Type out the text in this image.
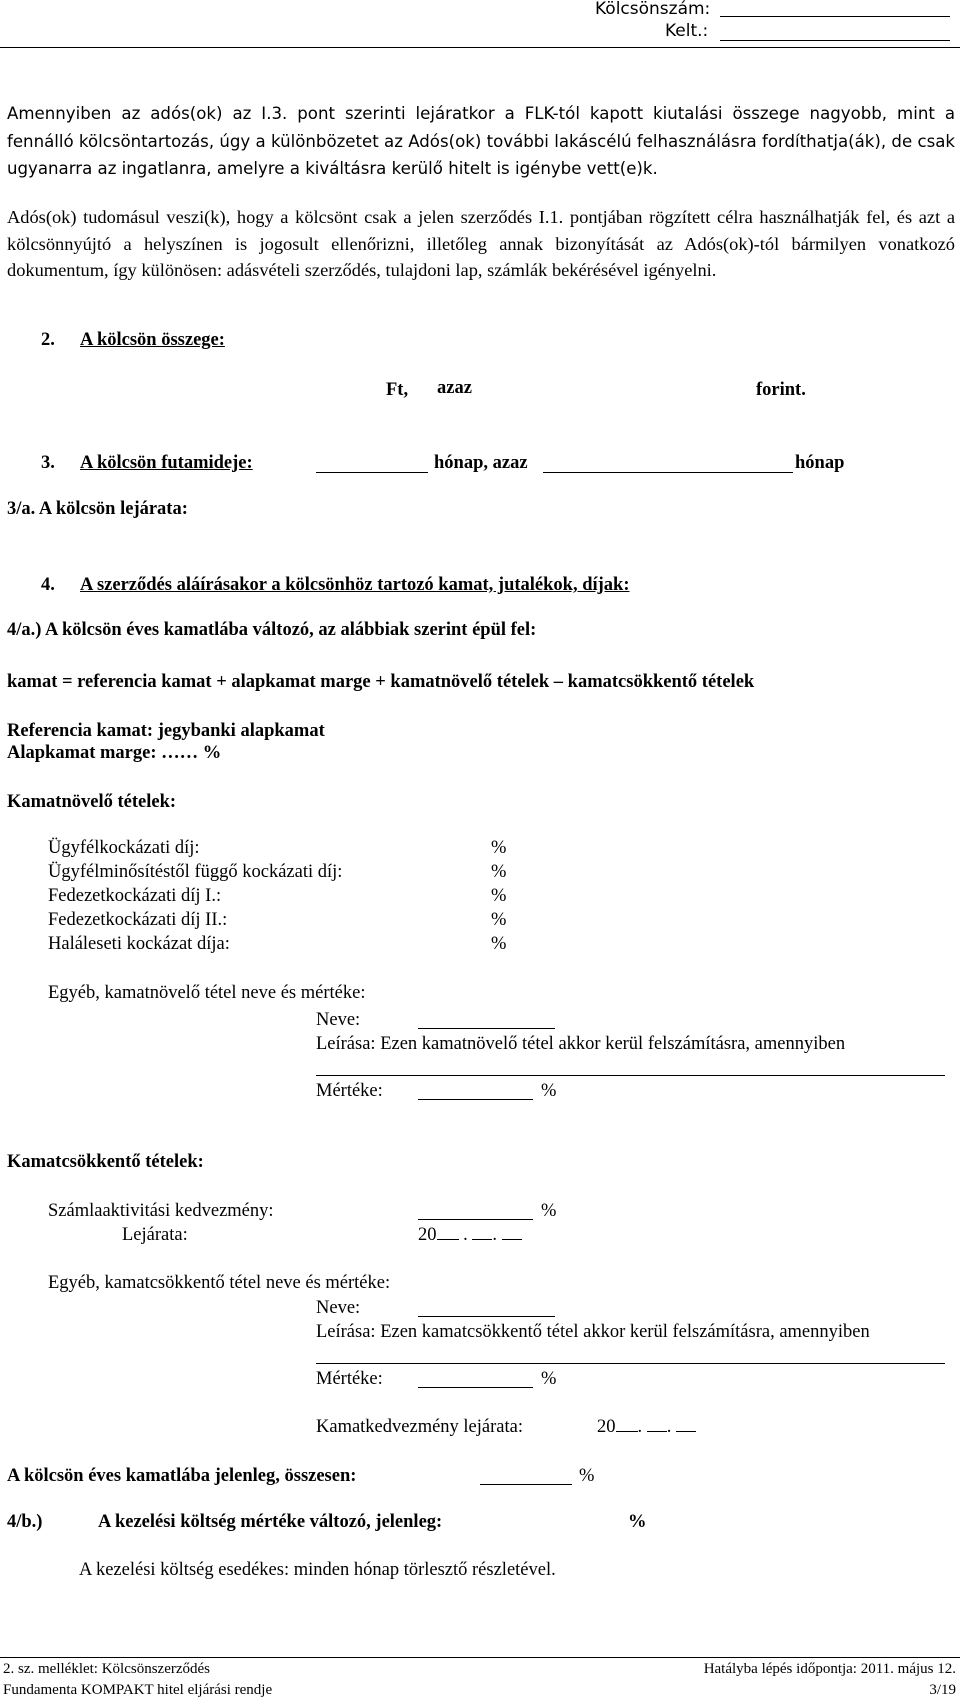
Kölcsönszám:
Kelt.:
Amennyiben az adós(ok) az I.3. pont szerinti lejáratkor a FLK-tól kapott kiutalási összege nagyobb, mint a fennálló kölcsöntartozás, úgy a különbözetet az Adós(ok) további lakáscélú felhasználásra fordíthatja(ák), de csak ugyanarra az ingatlanra, amelyre a kiváltásra kerülő hitelt is igénybe vett(e)k.
Adós(ok) tudomásul veszi(k), hogy a kölcsönt csak a jelen szerződés I.1. pontjában rögzített célra használhatják fel, és azt a kölcsönnyújtó a helyszínen is jogosult ellenőrizni, illetőleg annak bizonyítását az Adós(ok)-tól bármilyen vonatkozó dokumentum, így különösen: adásvételi szerződés, tulajdoni lap, számlák bekérésével igényelni.
2. A kölcsön összege:
Ft, azaz	forint.
3. A kölcsön futamideje:	hónap, azaz	hónap
3/a. A kölcsön lejárata:
4. A szerződés aláírásakor a kölcsönhöz tartozó kamat, jutalékok, díjak:
4/a.) A kölcsön éves kamatlába változó, az alábbiak szerint épül fel:
kamat = referencia kamat + alapkamat marge + kamatnövelő tételek – kamatcsökkentő tételek
Referencia kamat: jegybanki alapkamat
Alapkamat marge: …… %
Kamatnövelő tételek:
Ügyfélkockázati díj:	%
Ügyfélminősítéstől függő kockázati díj:	%
Fedezetkockázati díj I.:	%
Fedezetkockázati díj II.:	%
Haláleseti kockázat díja:	%
Egyéb, kamatnövelő tétel neve és mértéke:
Neve:
Leírása: Ezen kamatnövelő tétel akkor kerül felszámításra, amennyiben
Mértéke:	%
Kamatcsökkentő tételek:
Számlaaktivitási kedvezmény:	%
Lejárata:	20 . .
Egyéb, kamatcsökkentő tétel neve és mértéke:
Neve:
Leírása: Ezen kamatcsökkentő tétel akkor kerül felszámításra, amennyiben
Mértéke:	%
Kamatkedvezmény lejárata:	20 . .
A kölcsön éves kamatlába jelenleg, összesen:	%
4/b.)	A kezelési költség mértéke változó, jelenleg:	%
A kezelési költség esedékes: minden hónap törlesztő részletével.
2. sz. melléklet: Kölcsönszerződés	Hatályba lépés időpontja: 2011. május 12.
Fundamenta KOMPAKT hitel eljárási rendje	3/19
